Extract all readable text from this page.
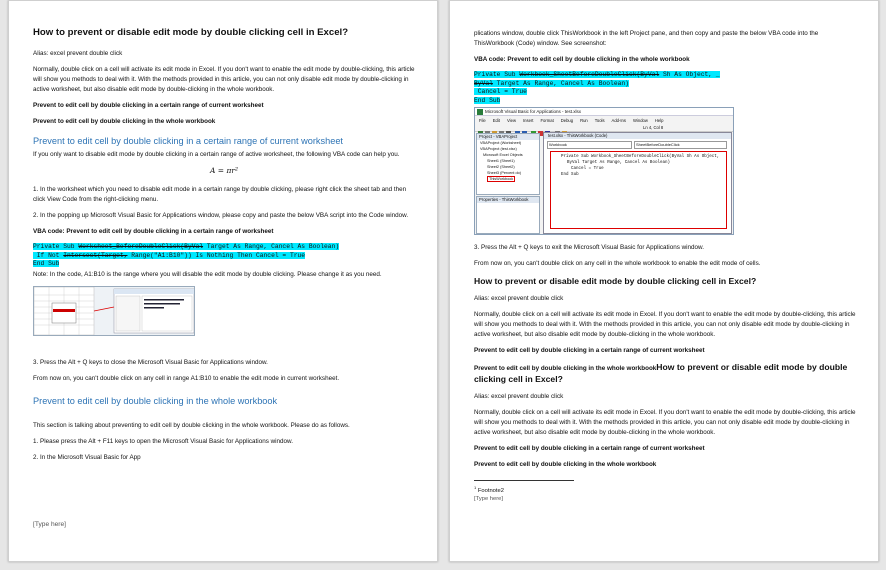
How to prevent or disable edit mode by double clicking cell in Excel?

Alias: excel prevent double click

Normally, double click on a cell will activate its edit mode in Excel. If you don't want to enable the edit mode by double-clicking, this article will show you methods to deal with it. With the methods provided in this article, you can not only disable edit mode by double-clicking in active worksheet, but also disable edit mode by double-clicking in the whole workbook.

Prevent to edit cell by double clicking in a certain range of current worksheet

Prevent to edit cell by double clicking in the whole workbook

Prevent to edit cell by double clicking in a certain range of current worksheet

If you only want to disable edit mode by double clicking in a certain range of active worksheet, the following VBA code can help you.

A = πr²

1. In the worksheet which you need to disable edit mode in a certain range by double clicking, please right click the sheet tab and then click View Code from the right-clicking menu.

2. In the popping up Microsoft Visual Basic for Applications window, please copy and paste the below VBA script into the Code window.

VBA code: Prevent to edit cell by double clicking in a certain range of worksheet

Private Sub Worksheet_BeforeDoubleClick(ByVal Target As Range, Cancel As Boolean)
If Not Intersect(Target, Range("A1:B10")) Is Nothing Then Cancel = True
End Sub

Note: In the code, A1:B10 is the range where you will disable the edit mode by double clicking. Please change it as you need.

3. Press the Alt + Q keys to close the Microsoft Visual Basic for Applications window.

From now on, you can't double click on any cell in range A1:B10 to enable the edit mode in current worksheet.

Prevent to edit cell by double clicking in the whole workbook

This section is talking about preventing to edit cell by double clicking in the whole workbook. Please do as follows.

1. Please press the Alt + F11 keys to open the Microsoft Visual Basic for Applications window.

2. In the Microsoft Visual Basic for App

[Type here]

plications window, double click ThisWorkbook in the left Project pane, and then copy and paste the below VBA code into the ThisWorkbook (Code) window. See screenshot:

VBA code: Prevent to edit cell by double clicking in the whole workbook

Private Sub Workbook_SheetBeforeDoubleClick(ByVal Sh As Object, _
ByVal Target As Range, Cancel As Boolean)
Cancel = True
End Sub
Microsoft Visual Basic for Applications - test.xlsx
File Edit View Insert Format Debug Run Tools Add-Ins Window Help
Ln 4, Col 8
Project - VBAProject
VBAProject (Worksheet)
VBAProject (test.xlsx)
Microsoft Excel Objects
Sheet1 (Sheet1)
Sheet2 (Sheet2)
Sheet3 (Percent do)
ThisWorkbook
Properties - ThisWorkbook
test.xlsx - ThisWorkbook (Code)
Workbook	SheetBeforeDoubleClick
Private Sub Workbook_SheetBeforeDoubleClick(ByVal Sh As Object,
ByVal Target As Range, Cancel As Boolean)
Cancel = True
End Sub

3. Press the Alt + Q keys to exit the Microsoft Visual Basic for Applications window.

From now on, you can't double click on any cell in the whole workbook to enable the edit mode of cells.

How to prevent or disable edit mode by double clicking cell in Excel?

Alias: excel prevent double click

Normally, double click on a cell will activate its edit mode in Excel. If you don't want to enable the edit mode by double-clicking, this article will show you methods to deal with it. With the methods provided in this article, you can not only disable edit mode by double-clicking in active worksheet, but also disable edit mode by double-clicking in the whole workbook.

Prevent to edit cell by double clicking in a certain range of current worksheet

Prevent to edit cell by double clicking in the whole workbookHow to prevent or disable edit mode by double clicking cell in Excel?

Alias: excel prevent double click

Normally, double click on a cell will activate its edit mode in Excel. If you don't want to enable the edit mode by double-clicking, this article will show you methods to deal with it. With the methods provided in this article, you can not only disable edit mode by double-clicking in active worksheet, but also disable edit mode by double-clicking in the whole workbook.

Prevent to edit cell by double clicking in a certain range of current worksheet

Prevent to edit cell by double clicking in the whole workbook

$^1$ Footnote2
[Type here]
